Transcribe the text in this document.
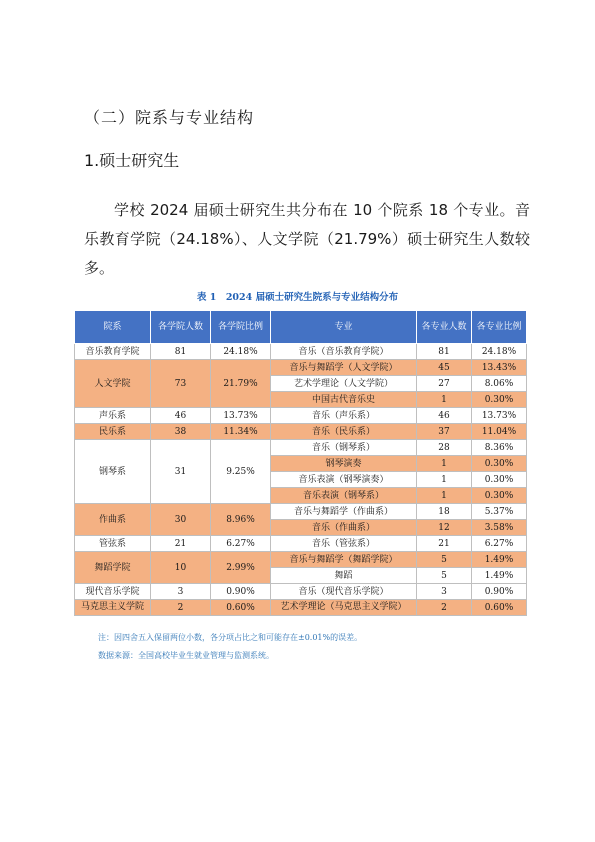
（二）院系与专业结构
1.硕士研究生
学校 2024 届硕士研究生共分布在 10 个院系 18 个专业。音乐教育学院（24.18%）、人文学院（21.79%）硕士研究生人数较多。
表 1　2024 届硕士研究生院系与专业结构分布
院系	各学院人数	各学院比例	专业	各专业人数	各专业比例
音乐教育学院	81	24.18%	音乐（音乐教育学院）	81	24.18%
人文学院	73	21.79%	音乐与舞蹈学（人文学院）	45	13.43%
			艺术学理论（人文学院）	27	8.06%
			中国古代音乐史	1	0.30%
声乐系	46	13.73%	音乐（声乐系）	46	13.73%
民乐系	38	11.34%	音乐（民乐系）	37	11.04%
钢琴系	31	9.25%	音乐（钢琴系）	28	8.36%
			钢琴演奏	1	0.30%
			音乐表演（钢琴演奏）	1	0.30%
			音乐表演（钢琴系）	1	0.30%
作曲系	30	8.96%	音乐与舞蹈学（作曲系）	18	5.37%
			音乐（作曲系）	12	3.58%
管弦系	21	6.27%	音乐（管弦系）	21	6.27%
舞蹈学院	10	2.99%	音乐与舞蹈学（舞蹈学院）	5	1.49%
			舞蹈	5	1.49%
现代音乐学院	3	0.90%	音乐（现代音乐学院）	3	0.90%
马克思主义学院	2	0.60%	艺术学理论（马克思主义学院）	2	0.60%
注：因四舍五入保留两位小数，各分项占比之和可能存在±0.01%的误差。
数据来源：全国高校毕业生就业管理与监测系统。
